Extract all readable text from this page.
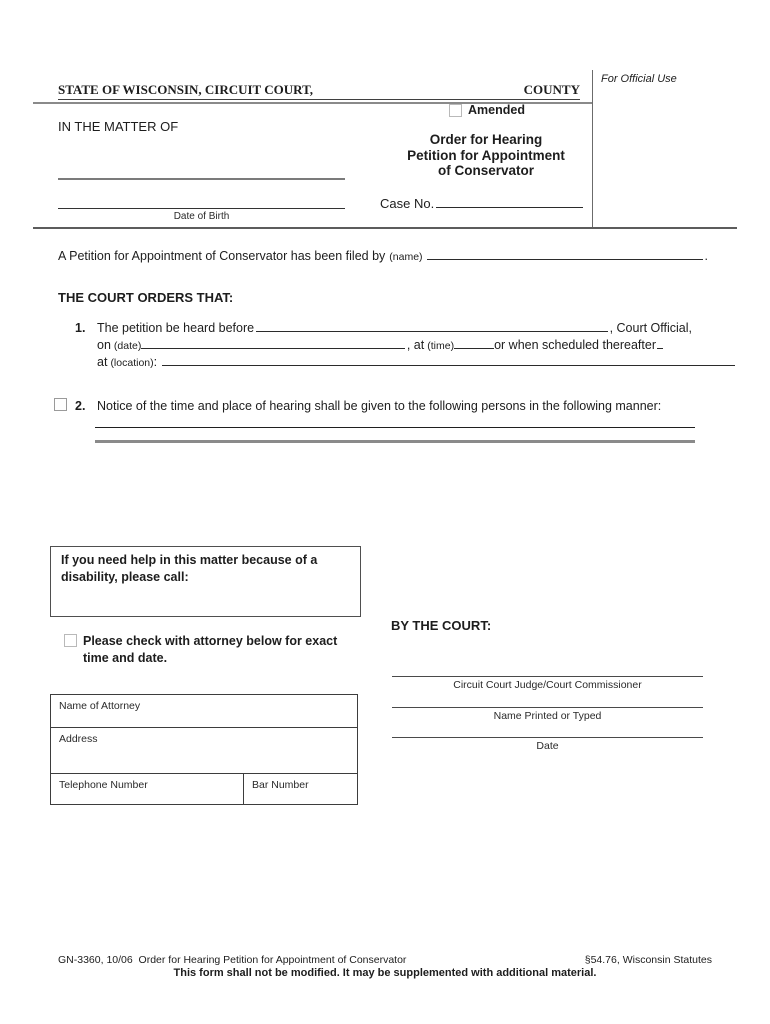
STATE OF WISCONSIN, CIRCUIT COURT,	COUNTY
For Official Use
Amended
IN THE MATTER OF
Order for Hearing
Petition for Appointment
of Conservator
Date of Birth
Case No.
A Petition for Appointment of Conservator has been filed by (name)	.
THE COURT ORDERS THAT:
1. The petition be heard before	, Court Official,
on (date)	, at (time)	or when scheduled thereafter
at (location) :
2. Notice of the time and place of hearing shall be given to the following persons in the following manner:
If you need help in this matter because of a disability, please call:
BY THE COURT:
Please check with attorney below for exact time and date.
Circuit Court Judge/Court Commissioner
Name Printed or Typed
Date
Name of Attorney
Address
Telephone Number	Bar Number
GN-3360, 10/06  Order for Hearing Petition for Appointment of Conservator	§54.76, Wisconsin Statutes
This form shall not be modified. It may be supplemented with additional material.
